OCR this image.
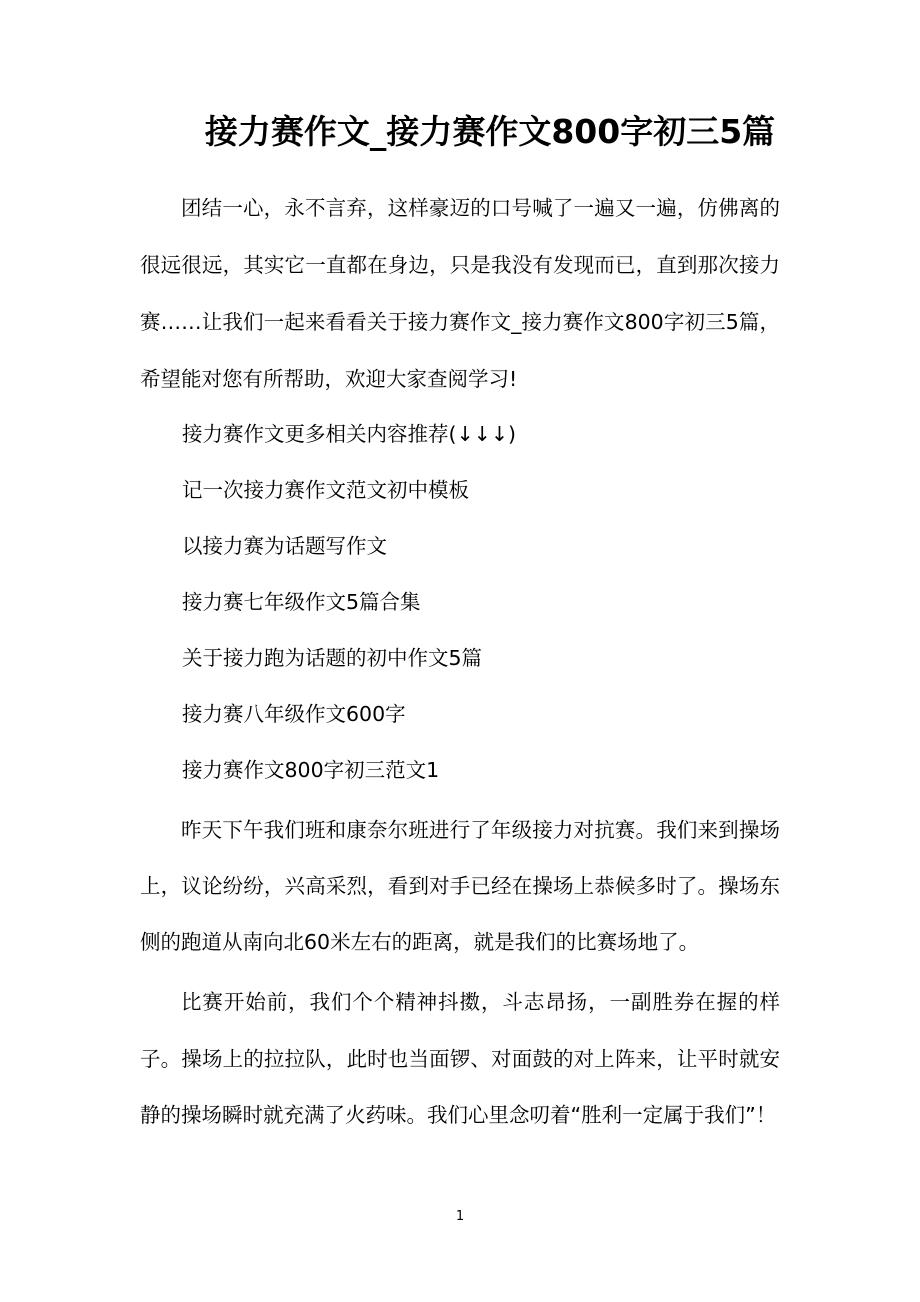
接力赛作文_接力赛作文800字初三5篇

团结一心，永不言弃，这样豪迈的口号喊了一遍又一遍，仿佛离的很远很远，其实它一直都在身边，只是我没有发现而已，直到那次接力赛……让我们一起来看看关于接力赛作文_接力赛作文800字初三5篇，希望能对您有所帮助，欢迎大家查阅学习!

接力赛作文更多相关内容推荐(↓↓↓)
记一次接力赛作文范文初中模板
以接力赛为话题写作文
接力赛七年级作文5篇合集
关于接力跑为话题的初中作文5篇
接力赛八年级作文600字
接力赛作文800字初三范文1

昨天下午我们班和康奈尔班进行了年级接力对抗赛。我们来到操场上，议论纷纷，兴高采烈，看到对手已经在操场上恭候多时了。操场东侧的跑道从南向北60米左右的距离，就是我们的比赛场地了。

比赛开始前，我们个个精神抖擞，斗志昂扬，一副胜券在握的样子。操场上的拉拉队，此时也当面锣、对面鼓的对上阵来，让平时就安静的操场瞬时就充满了火药味。我们心里念叨着“胜利一定属于我们”！

1
